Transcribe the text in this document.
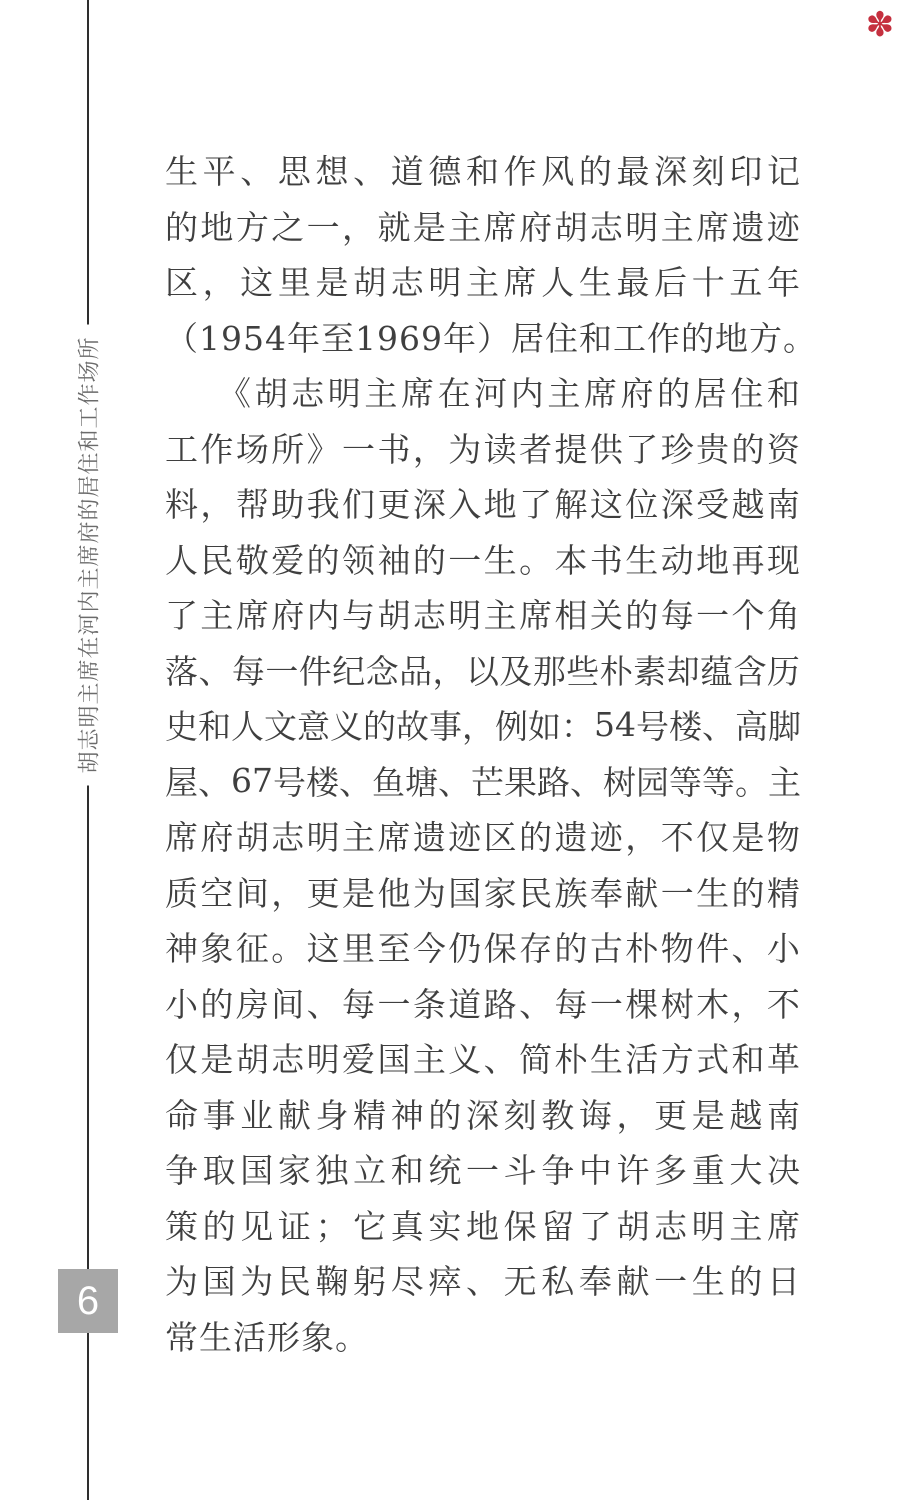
胡志明主席在河内主席府的居住和工作场所
6
✽
生 平 、 思 想 、 道 德 和 作 风 的 最 深 刻 印 记
的 地 方 之 一 ， 就 是 主 席 府 胡 志 明 主 席 遗 迹
区 ， 这 里 是 胡 志 明 主 席 人 生 最 后 十 五 年
（1954年至1969年）居住和工作的地方。
《 胡 志 明 主 席 在 河 内 主 席 府 的 居 住 和
工 作 场 所 》 一 书 ， 为 读 者 提 供 了 珍 贵 的 资
料 ， 帮 助 我 们 更 深 入 地 了 解 这 位 深 受 越 南
人 民 敬 爱 的 领 袖 的 一 生 。 本 书 生 动 地 再 现
了 主 席 府 内 与 胡 志 明 主 席 相 关 的 每 一 个 角
落 、 每 一 件 纪 念 品 ， 以 及 那 些 朴 素 却 蕴 含 历
史 和 人 文 意 义 的 故 事 ， 例 如 ： 54 号 楼 、 高 脚
屋 、 67 号 楼 、 鱼 塘 、 芒 果 路 、 树 园 等 等 。 主
席 府 胡 志 明 主 席 遗 迹 区 的 遗 迹 ， 不 仅 是 物
质 空 间 ， 更 是 他 为 国 家 民 族 奉 献 一 生 的 精
神 象 征 。 这 里 至 今 仍 保 存 的 古 朴 物 件 、 小
小 的 房 间 、 每 一 条 道 路 、 每 一 棵 树 木 ， 不
仅 是 胡 志 明 爱 国 主 义 、 简 朴 生 活 方 式 和 革
命 事 业 献 身 精 神 的 深 刻 教 诲 ， 更 是 越 南
争 取 国 家 独 立 和 统 一 斗 争 中 许 多 重 大 决
策 的 见 证 ； 它 真 实 地 保 留 了 胡 志 明 主 席
为 国 为 民 鞠 躬 尽 瘁 、 无 私 奉 献 一 生 的 日
常生活形象。
